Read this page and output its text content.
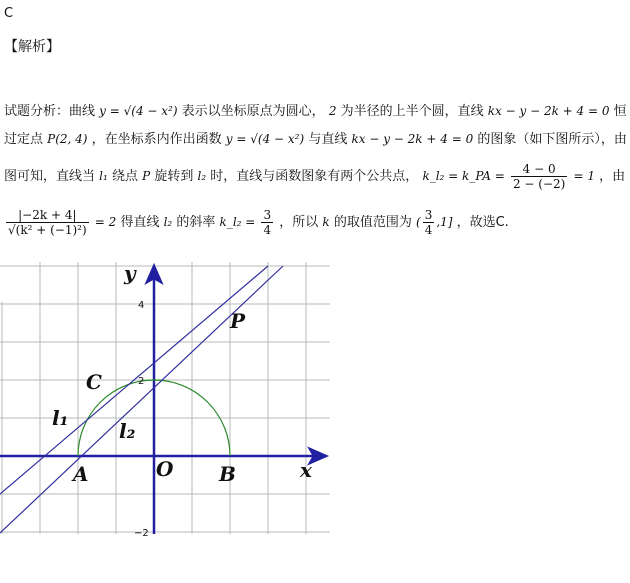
C
【解析】
试题分析：曲线 y = √(4 − x²) 表示以坐标原点为圆心， 2 为半径的上半个圆，直线 kx − y − 2k + 4 = 0 恒
过定点 P(2, 4) ，在坐标系内作出函数 y = √(4 − x²) 与直线 kx − y − 2k + 4 = 0 的图象（如下图所示），由
图可知，直线当 l₁ 绕点 P 旋转到 l₂ 时，直线与函数图象有两个公共点， k_l₂ = k_PA = $\frac{4 - 0}{2 - (-2)} = 1$ ，由
$\frac{|-2k + 4|}{\text{√(k² + (−1)²)}} = 2$ 得直线 l₂ 的斜率 k_l₂ = $\frac{3}{4}$ ，所以 k 的取值范围为 ( $\frac{3}{4} ,1$] ，故选C.
y
x
4
2
−2
P
C
l₁
l₂
A	O B
